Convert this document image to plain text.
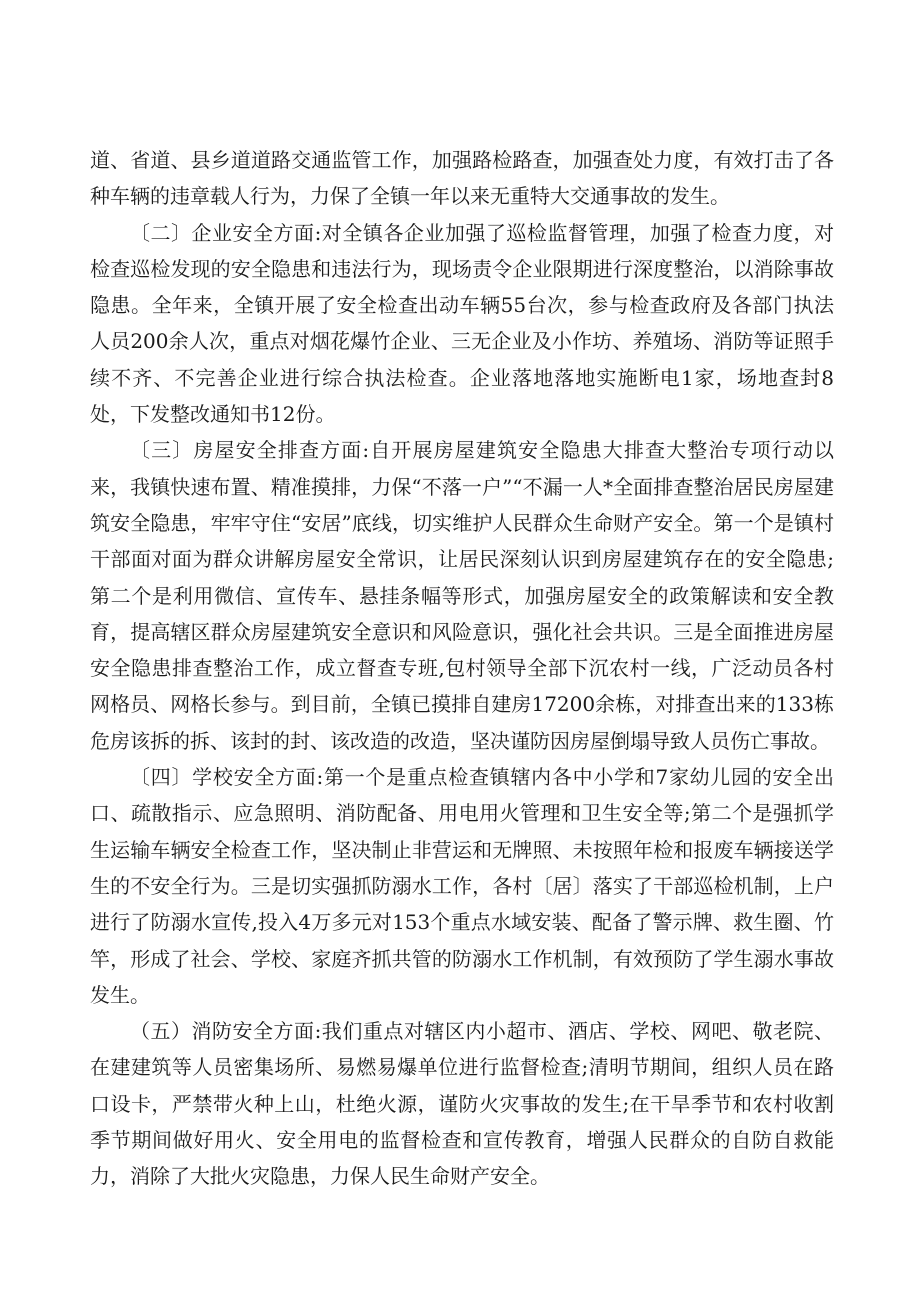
道、省道、县乡道道路交通监管工作，加强路检路查，加强查处力度，有效打击了各种车辆的违章载人行为，力保了全镇一年以来无重特大交通事故的发生。

〔二〕企业安全方面:对全镇各企业加强了巡检监督管理，加强了检查力度，对检查巡检发现的安全隐患和违法行为，现场责令企业限期进行深度整治，以消除事故隐患。全年来，全镇开展了安全检查出动车辆55台次，参与检查政府及各部门执法人员200余人次，重点对烟花爆竹企业、三无企业及小作坊、养殖场、消防等证照手续不齐、不完善企业进行综合执法检查。企业落地落地实施断电1家，场地查封8处，下发整改通知书12份。

〔三〕房屋安全排查方面:自开展房屋建筑安全隐患大排查大整治专项行动以来，我镇快速布置、精准摸排，力保“不落一户”“不漏一人*全面排查整治居民房屋建筑安全隐患，牢牢守住“安居”底线，切实维护人民群众生命财产安全。第一个是镇村干部面对面为群众讲解房屋安全常识，让居民深刻认识到房屋建筑存在的安全隐患;第二个是利用微信、宣传车、悬挂条幅等形式，加强房屋安全的政策解读和安全教育，提高辖区群众房屋建筑安全意识和风险意识，强化社会共识。三是全面推进房屋安全隐患排查整治工作，成立督查专班,包村领导全部下沉农村一线，广泛动员各村网格员、网格长参与。到目前，全镇已摸排自建房17200余栋，对排查出来的133栋危房该拆的拆、该封的封、该改造的改造，坚决谨防因房屋倒塌导致人员伤亡事故。

〔四〕学校安全方面:第一个是重点检查镇辖内各中小学和7家幼儿园的安全出口、疏散指示、应急照明、消防配备、用电用火管理和卫生安全等;第二个是强抓学生运输车辆安全检查工作，坚决制止非营运和无牌照、未按照年检和报废车辆接送学生的不安全行为。三是切实强抓防溺水工作，各村〔居〕落实了干部巡检机制，上户进行了防溺水宣传,投入4万多元对153个重点水域安装、配备了警示牌、救生圈、竹竿，形成了社会、学校、家庭齐抓共管的防溺水工作机制，有效预防了学生溺水事故发生。

（五）消防安全方面:我们重点对辖区内小超市、酒店、学校、网吧、敬老院、在建建筑等人员密集场所、易燃易爆单位进行监督检查;清明节期间，组织人员在路口设卡，严禁带火种上山，杜绝火源，谨防火灾事故的发生;在干旱季节和农村收割季节期间做好用火、安全用电的监督检查和宣传教育，增强人民群众的自防自救能力，消除了大批火灾隐患，力保人民生命财产安全。
